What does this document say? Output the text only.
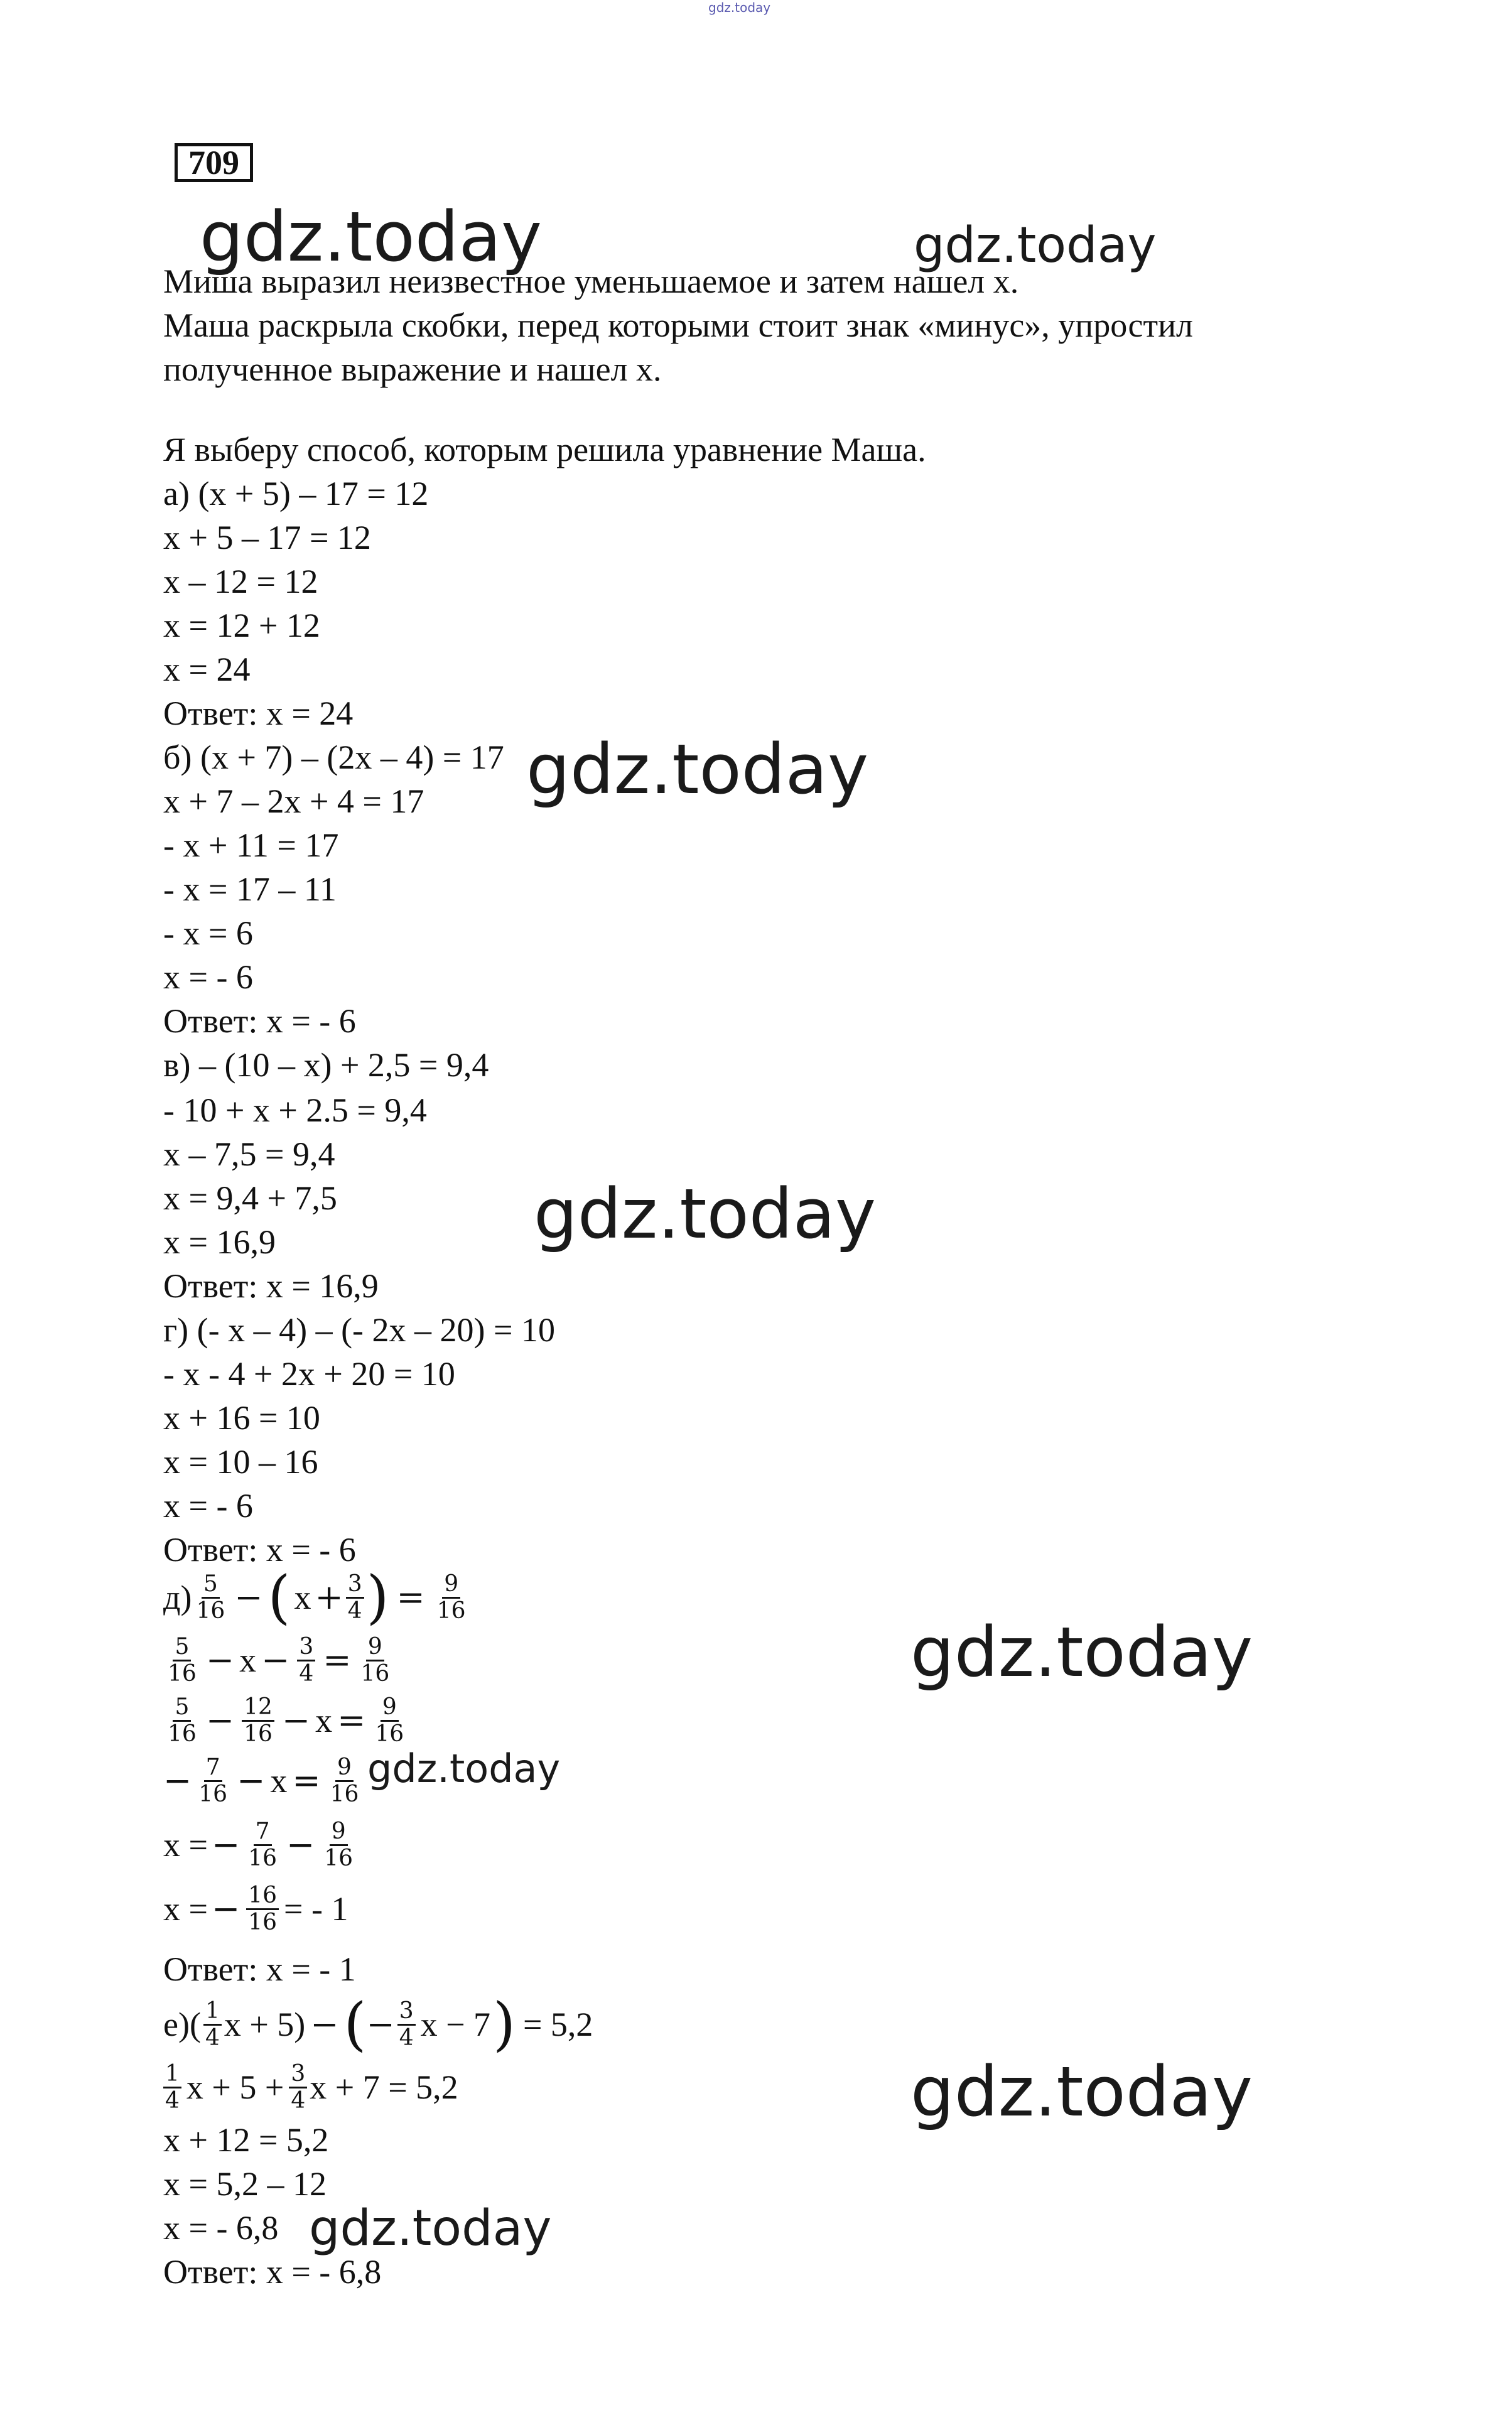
gdz.today
709
gdz.today	gdz.today
gdz.today
gdz.today
gdz.today
gdz.today
gdz.today
gdz.today
Миша выразил неизвестное уменьшаемое и затем нашел x.
Маша раскрыла скобки, перед которыми стоит знак «минус», упростил
полученное выражение и нашел x.
Я выберу способ, которым решила уравнение Маша.
а) (x + 5) – 17 = 12
x + 5 – 17 = 12
x – 12 = 12
x = 12 + 12
x = 24
Ответ: x = 24
б) (x + 7) – (2x – 4) = 17
x + 7 – 2x + 4 = 17
- x + 11 = 17
- x = 17 – 11
- x = 6
x = - 6
Ответ: x = - 6
в) – (10 – x) + 2,5 = 9,4
- 10 + x + 2.5 = 9,4
x – 7,5 = 9,4
x = 9,4 + 7,5
x = 16,9
Ответ: x = 16,9
г) (- x – 4) – (- 2x – 20) = 10
- x - 4 + 2x + 20 = 10
x + 16 = 10
x = 10 – 16
x = - 6
Ответ: x = - 6
$д) \frac{5}{16}$ − ( $x + \frac{3}{4}$ ) = $\frac{9}{16}$
$\frac{5}{16} - x - \frac{3}{4} = \frac{9}{16}$
$\frac{5}{16} - \frac{12}{16} - x = \frac{9}{16}$
− $\frac{7}{16} - x = \frac{9}{16}$
x = − $\frac{7}{16} - \frac{9}{16}$
x = − $\frac{16}{16}$ = - 1
Ответ: x = - 1
е) ( $\frac{1}{4}$ x + 5) − ( − $\frac{3}{4}$ x − 7 ) = 5,2
$\frac{1}{4}$ $x + 5 + \frac{3}{4}$ x + 7 = 5,2
x + 12 = 5,2
x = 5,2 – 12
x = - 6,8
Ответ: x = - 6,8
